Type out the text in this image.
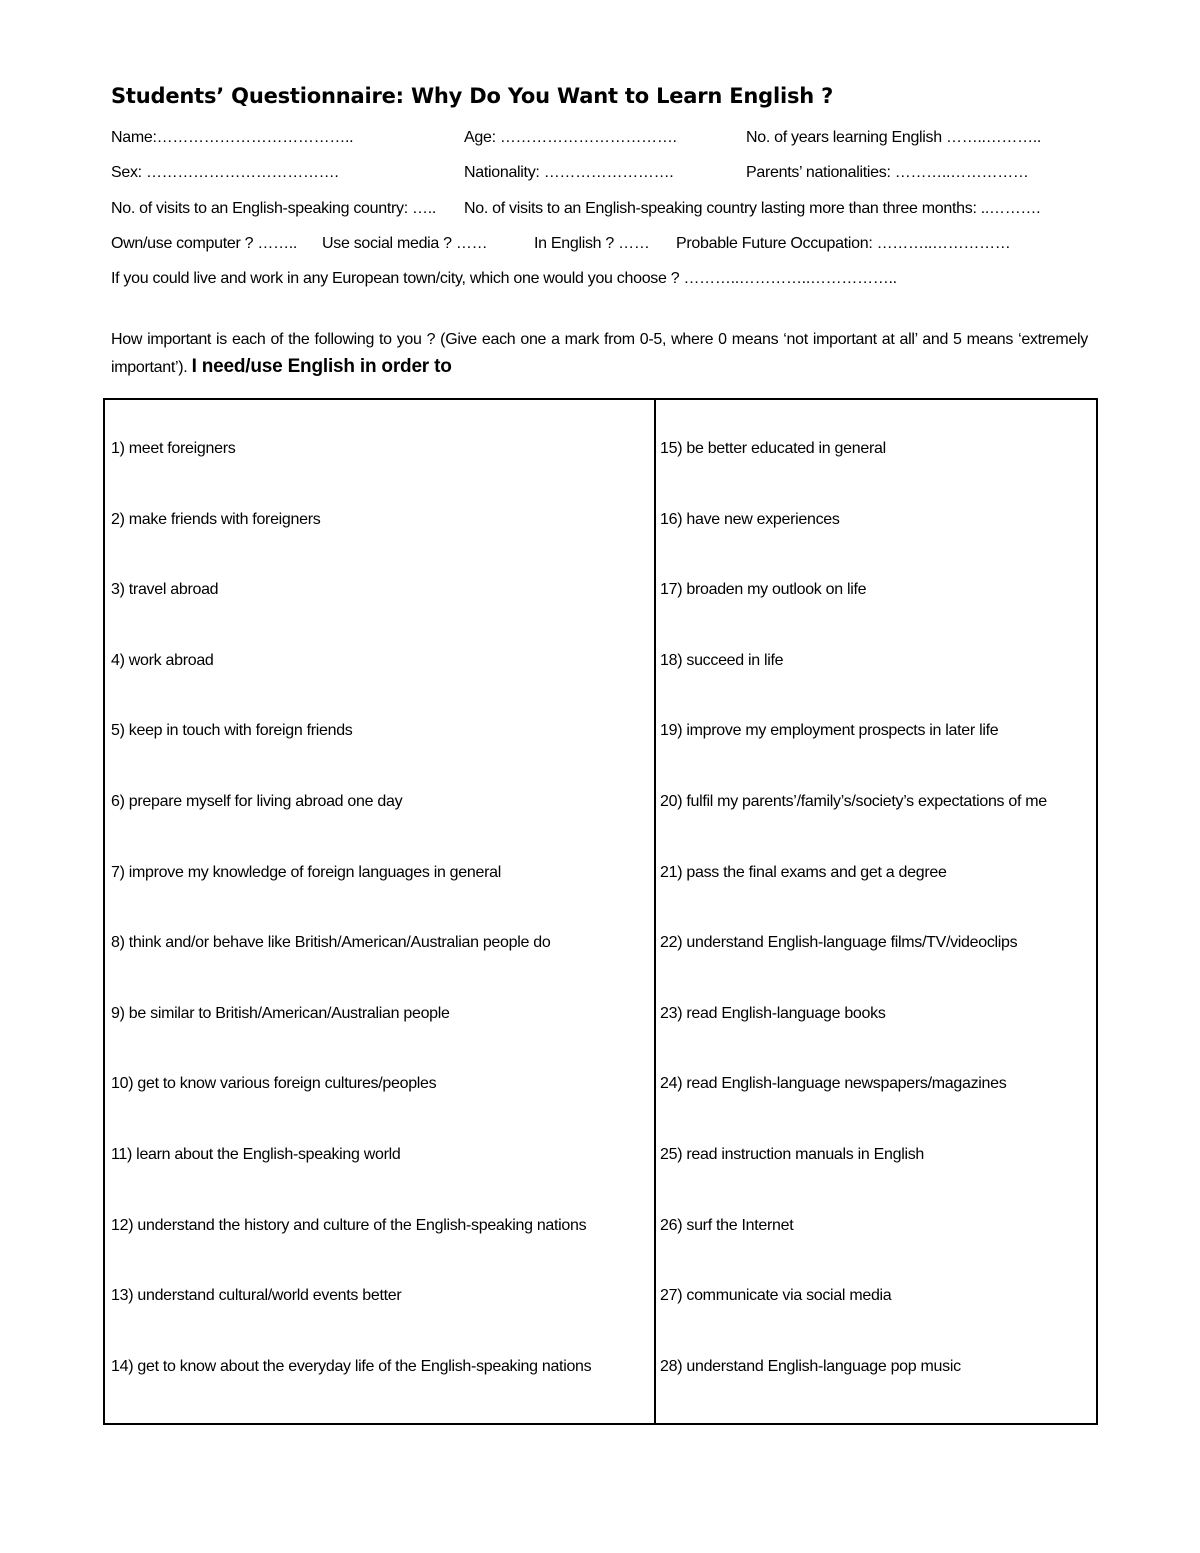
Students’ Questionnaire: Why Do You Want to Learn English ?
Name:………………………………..	Age: …………………………….	No. of years learning English ……..………..
Sex: ……………………………….	Nationality: …………………….	Parents’ nationalities: ………..……………
No. of visits to an English-speaking country: ….. No. of visits to an English-speaking country lasting more than three months: ..……….
Own/use computer ? …….. Use social media ? ……	In English ? …… Probable Future Occupation: ………..……………
If you could live and work in any European town/city, which one would you choose ? ………..…………..……………..
How important is each of the following to you ? (Give each one a mark from 0-5, where 0 means ‘not important at all’ and 5 means ‘extremely important’). I need/use English in order to
1) meet foreigners
2) make friends with foreigners
3) travel abroad
4) work abroad
5) keep in touch with foreign friends
6) prepare myself for living abroad one day
7) improve my knowledge of foreign languages in general
8) think and/or behave like British/American/Australian people do
9) be similar to British/American/Australian people
10) get to know various foreign cultures/peoples
11) learn about the English-speaking world
12) understand the history and culture of the English-speaking nations
13) understand cultural/world events better
14) get to know about the everyday life of the English-speaking nations
15) be better educated in general
16) have new experiences
17) broaden my outlook on life
18) succeed in life
19) improve my employment prospects in later life
20) fulfil my parents’/family’s/society’s expectations of me
21) pass the final exams and get a degree
22) understand English-language films/TV/videoclips
23) read English-language books
24) read English-language newspapers/magazines
25) read instruction manuals in English
26) surf the Internet
27) communicate via social media
28) understand English-language pop music
